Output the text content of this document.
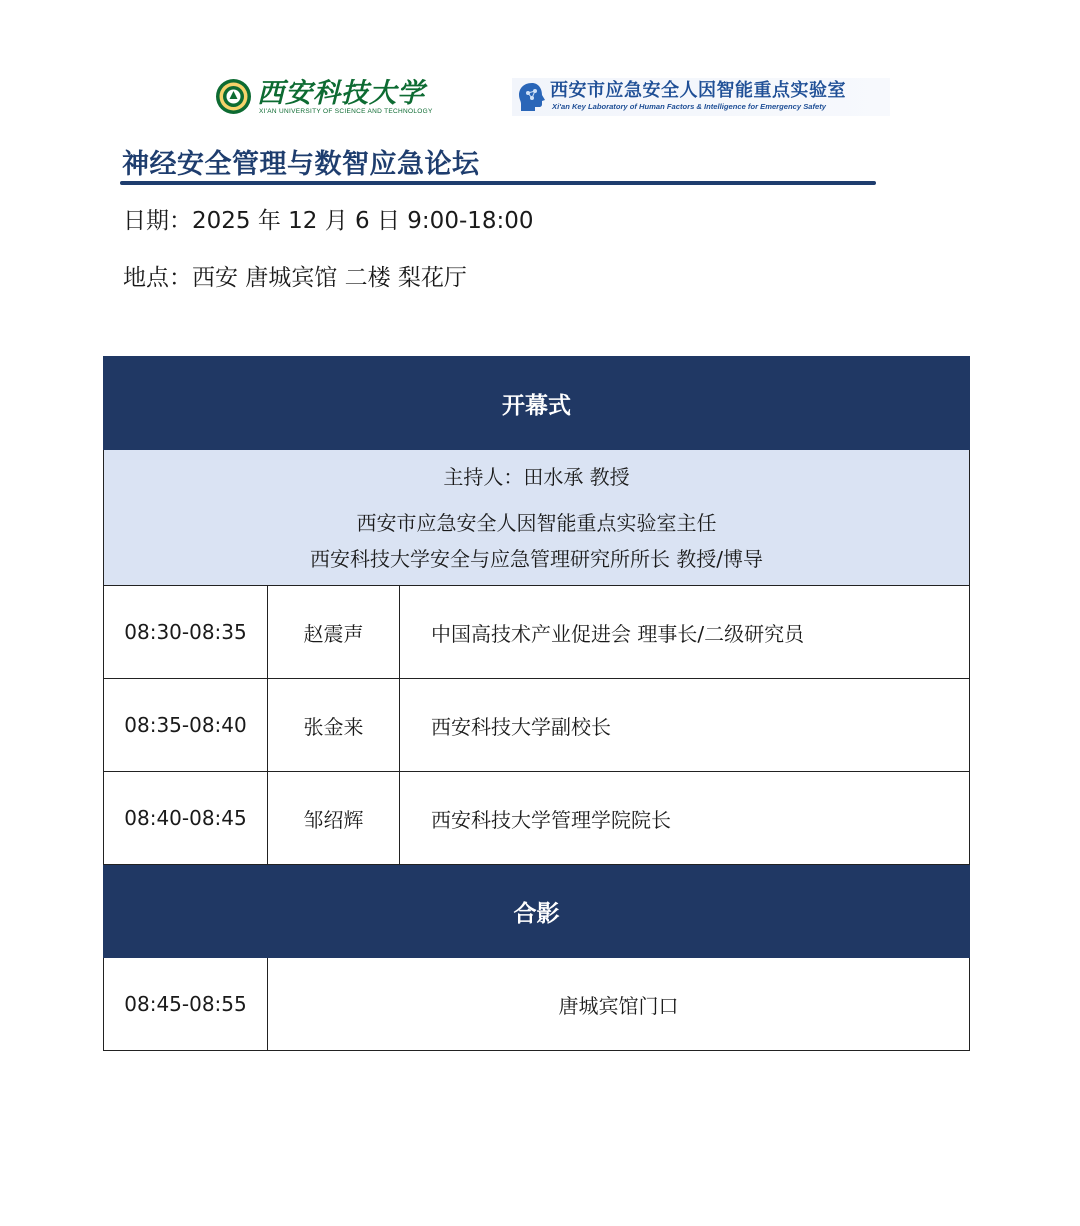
西安科技大学
XI'AN UNIVERSITY OF SCIENCE AND TECHNOLOGY
西安市应急安全人因智能重点实验室
Xi'an Key Laboratory of Human Factors & Intelligence for Emergency Safety
神经安全管理与数智应急论坛
日期：2025 年 12 月 6 日 9:00-18:00
地点：西安 唐城宾馆 二楼 梨花厅
开幕式		

主持人：田水承 教授
西安市应急安全人因智能重点实验室主任
西安科技大学安全与应急管理研究所所长 教授/博导		

08:30-08:35	赵震声	中国高技术产业促进会 理事长/二级研究员
08:35-08:40	张金来	西安科技大学副校长
08:40-08:45	邹绍辉	西安科技大学管理学院院长
合影		
08:45-08:55	唐城宾馆门口	
